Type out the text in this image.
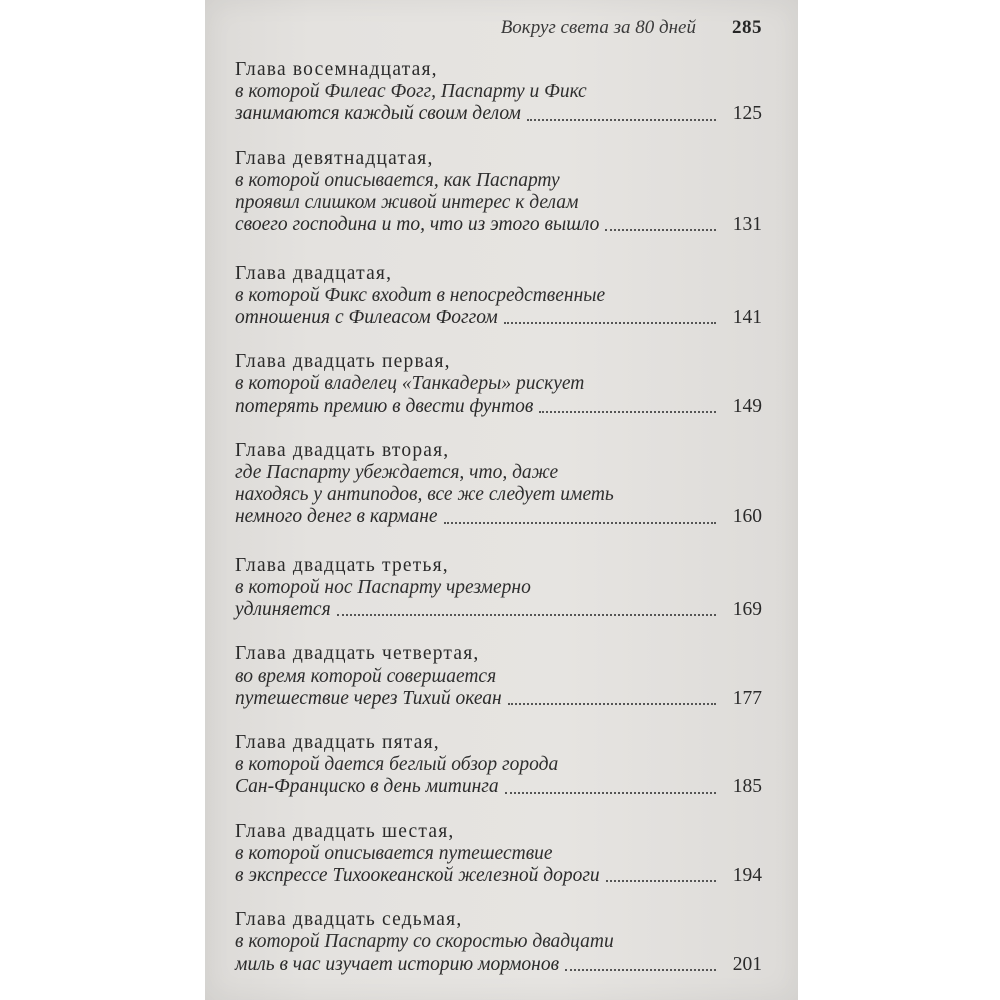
Вокруг света за 80 дней 285
Глава восемнадцатая,
в которой Филеас Фогг, Паспарту и Фикс
занимаются каждый своим делом	125
Глава девятнадцатая,
в которой описывается, как Паспарту
проявил слишком живой интерес к делам
своего господина и то, что из этого вышло	131
Глава двадцатая,
в которой Фикс входит в непосредственные
отношения с Филеасом Фоггом	141
Глава двадцать первая,
в которой владелец «Танкадеры» рискует
потерять премию в двести фунтов	149
Глава двадцать вторая,
где Паспарту убеждается, что, даже
находясь у антиподов, все же следует иметь
немного денег в кармане	160
Глава двадцать третья,
в которой нос Паспарту чрезмерно
удлиняется	169
Глава двадцать четвертая,
во время которой совершается
путешествие через Тихий океан	177
Глава двадцать пятая,
в которой дается беглый обзор города
Сан-Франциско в день митинга	185
Глава двадцать шестая,
в которой описывается путешествие
в экспрессе Тихоокеанской железной дороги	194
Глава двадцать седьмая,
в которой Паспарту со скоростью двадцати
миль в час изучает историю мормонов	201
